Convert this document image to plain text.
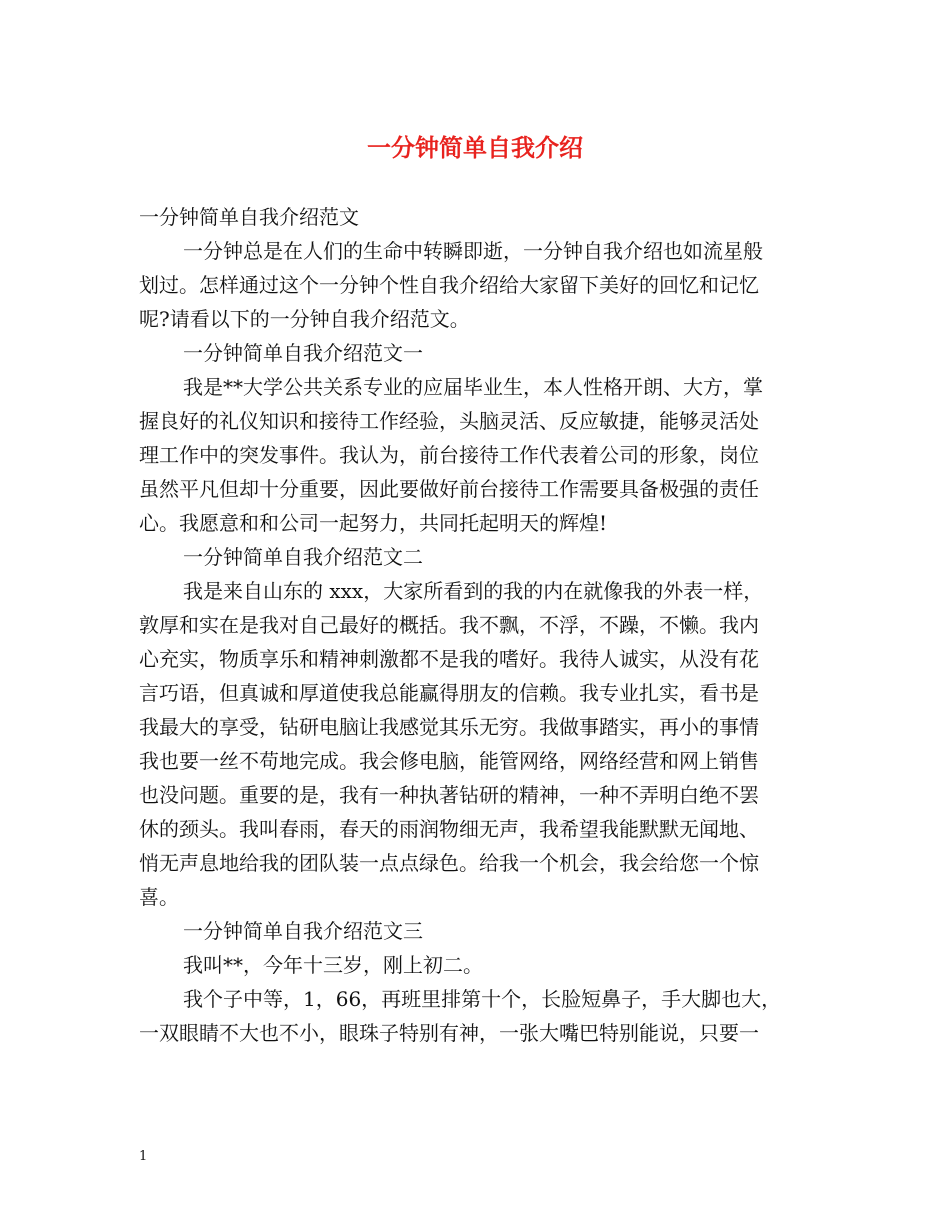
一分钟简单自我介绍
一分钟简单自我介绍范文
一分钟总是在人们的生命中转瞬即逝，一分钟自我介绍也如流星般
划过。怎样通过这个一分钟个性自我介绍给大家留下美好的回忆和记忆
呢?请看以下的一分钟自我介绍范文。
一分钟简单自我介绍范文一
我是**大学公共关系专业的应届毕业生，本人性格开朗、大方，掌
握良好的礼仪知识和接待工作经验，头脑灵活、反应敏捷，能够灵活处
理工作中的突发事件。我认为，前台接待工作代表着公司的形象，岗位
虽然平凡但却十分重要，因此要做好前台接待工作需要具备极强的责任
心。我愿意和和公司一起努力，共同托起明天的辉煌!
一分钟简单自我介绍范文二
我是来自山东的 xxx，大家所看到的我的内在就像我的外表一样，
敦厚和实在是我对自己最好的概括。我不飘，不浮，不躁，不懒。我内
心充实，物质享乐和精神刺激都不是我的嗜好。我待人诚实，从没有花
言巧语，但真诚和厚道使我总能赢得朋友的信赖。我专业扎实，看书是
我最大的享受，钻研电脑让我感觉其乐无穷。我做事踏实，再小的事情
我也要一丝不苟地完成。我会修电脑，能管网络，网络经营和网上销售
也没问题。重要的是，我有一种执著钻研的精神，一种不弄明白绝不罢
休的颈头。我叫春雨，春天的雨润物细无声，我希望我能默默无闻地、
悄无声息地给我的团队装一点点绿色。给我一个机会，我会给您一个惊
喜。
一分钟简单自我介绍范文三
我叫**，今年十三岁，刚上初二。
我个子中等，1，66，再班里排第十个，长脸短鼻子，手大脚也大，
一双眼睛不大也不小，眼珠子特别有神，一张大嘴巴特别能说，只要一
1
